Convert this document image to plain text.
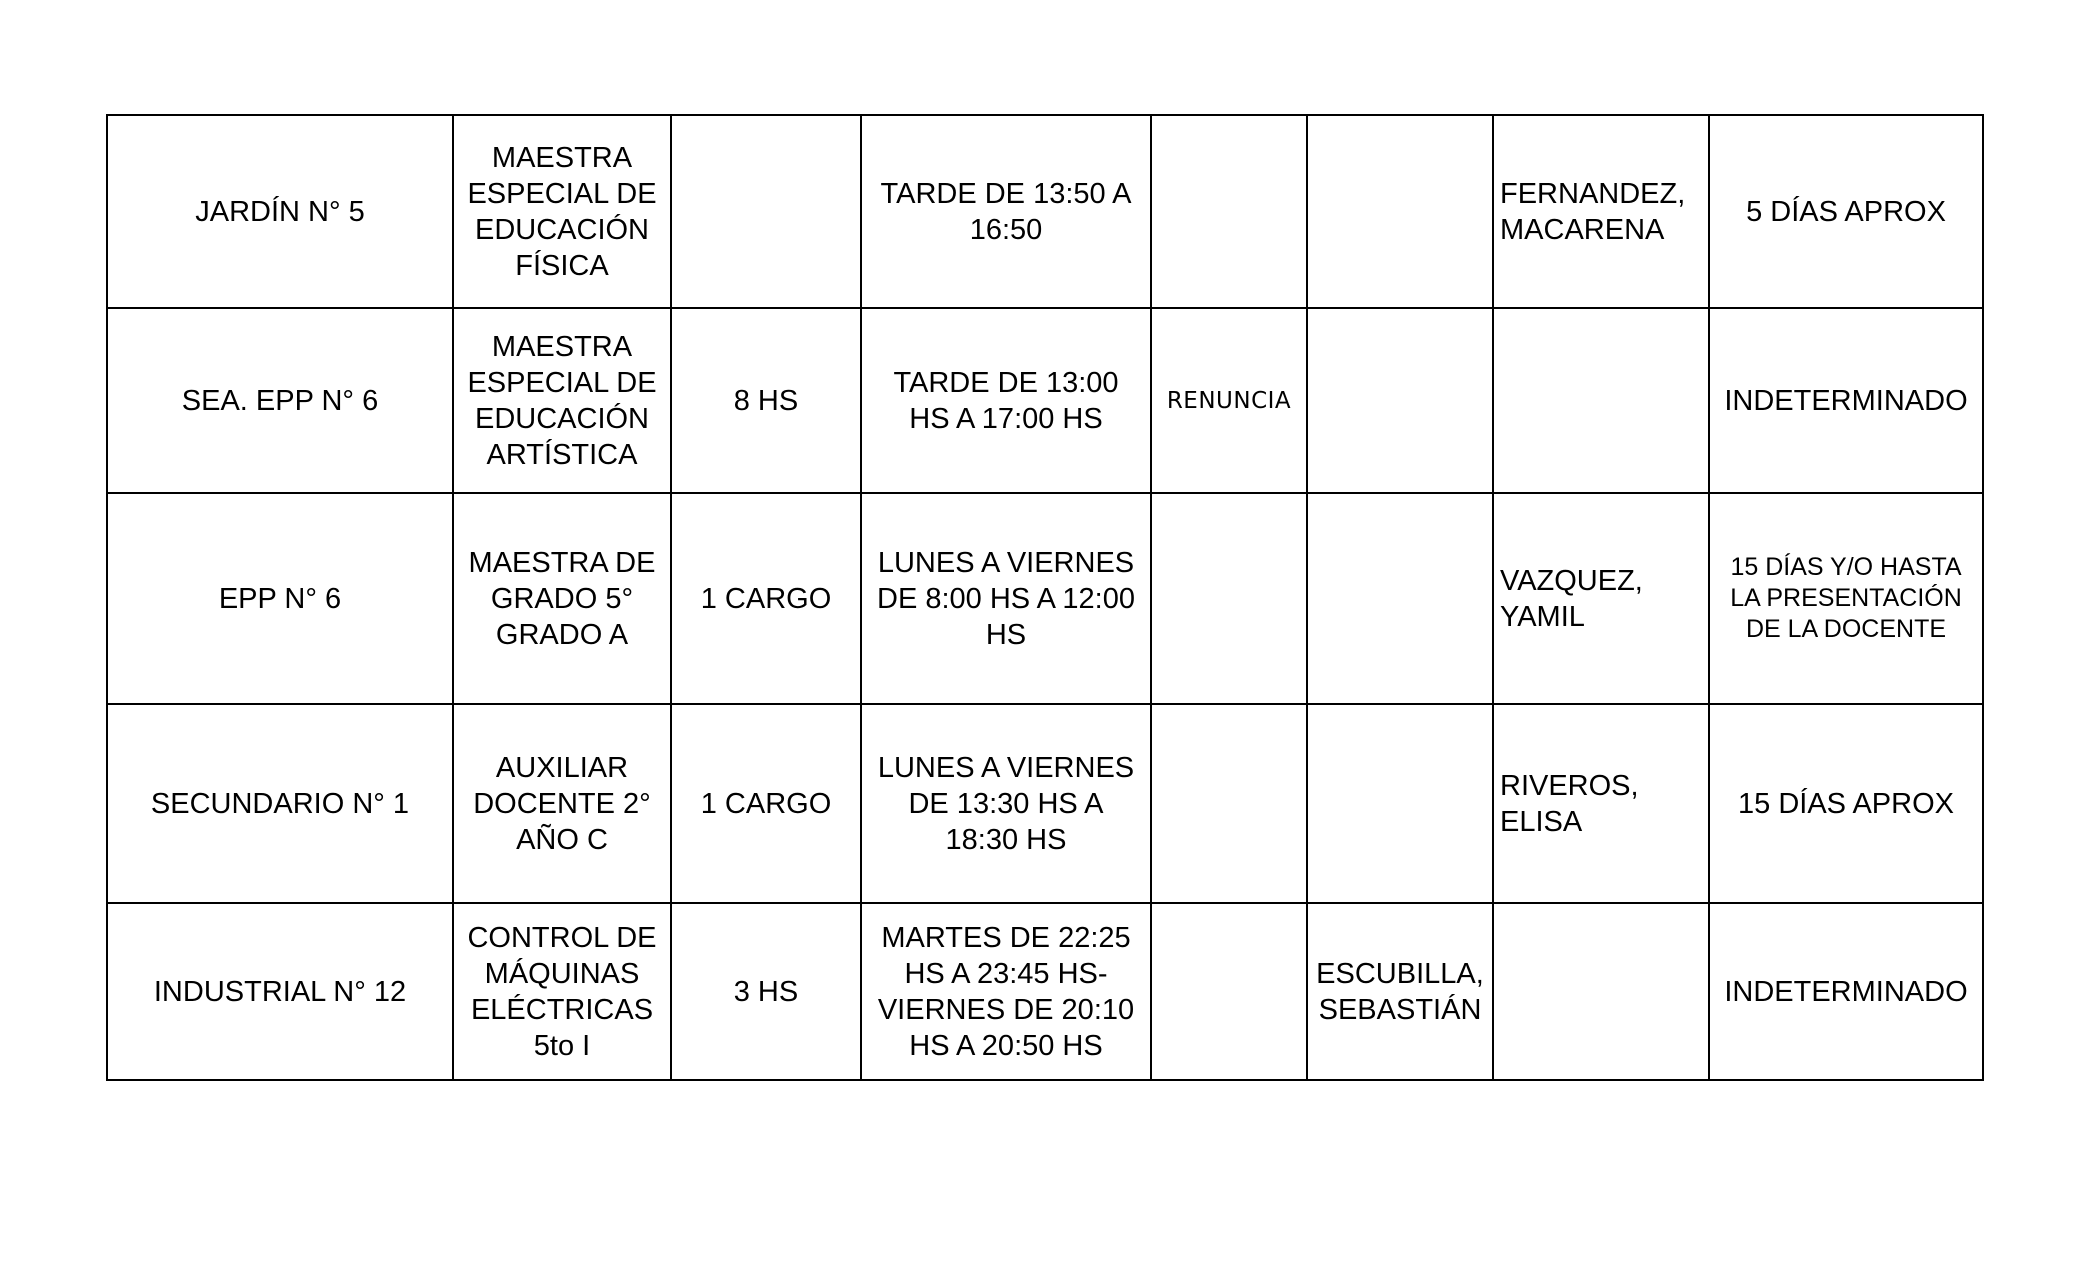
JARDÍN N° 5	MAESTRA
ESPECIAL DE
EDUCACIÓN
FÍSICA		TARDE DE 13:50 A
16:50			FERNANDEZ,
MACARENA	5 DÍAS APROX
SEA. EPP N° 6	MAESTRA
ESPECIAL DE
EDUCACIÓN
ARTÍSTICA	8 HS	TARDE DE 13:00
HS A 17:00 HS	RENUNCIA			INDETERMINADO
EPP N° 6	MAESTRA DE
GRADO 5°
GRADO A	1 CARGO	LUNES A VIERNES
DE 8:00 HS A 12:00
HS			VAZQUEZ,
YAMIL	15 DÍAS Y/O HASTA
LA PRESENTACIÓN
DE LA DOCENTE
SECUNDARIO N° 1	AUXILIAR
DOCENTE 2°
AÑO C	1 CARGO	LUNES A VIERNES
DE 13:30 HS A
18:30 HS			RIVEROS,
ELISA	15 DÍAS APROX
INDUSTRIAL N° 12	CONTROL DE
MÁQUINAS
ELÉCTRICAS
5to I	3 HS	MARTES DE 22:25
HS A 23:45 HS-
VIERNES DE 20:10
HS A 20:50 HS		ESCUBILLA,
SEBASTIÁN		INDETERMINADO
